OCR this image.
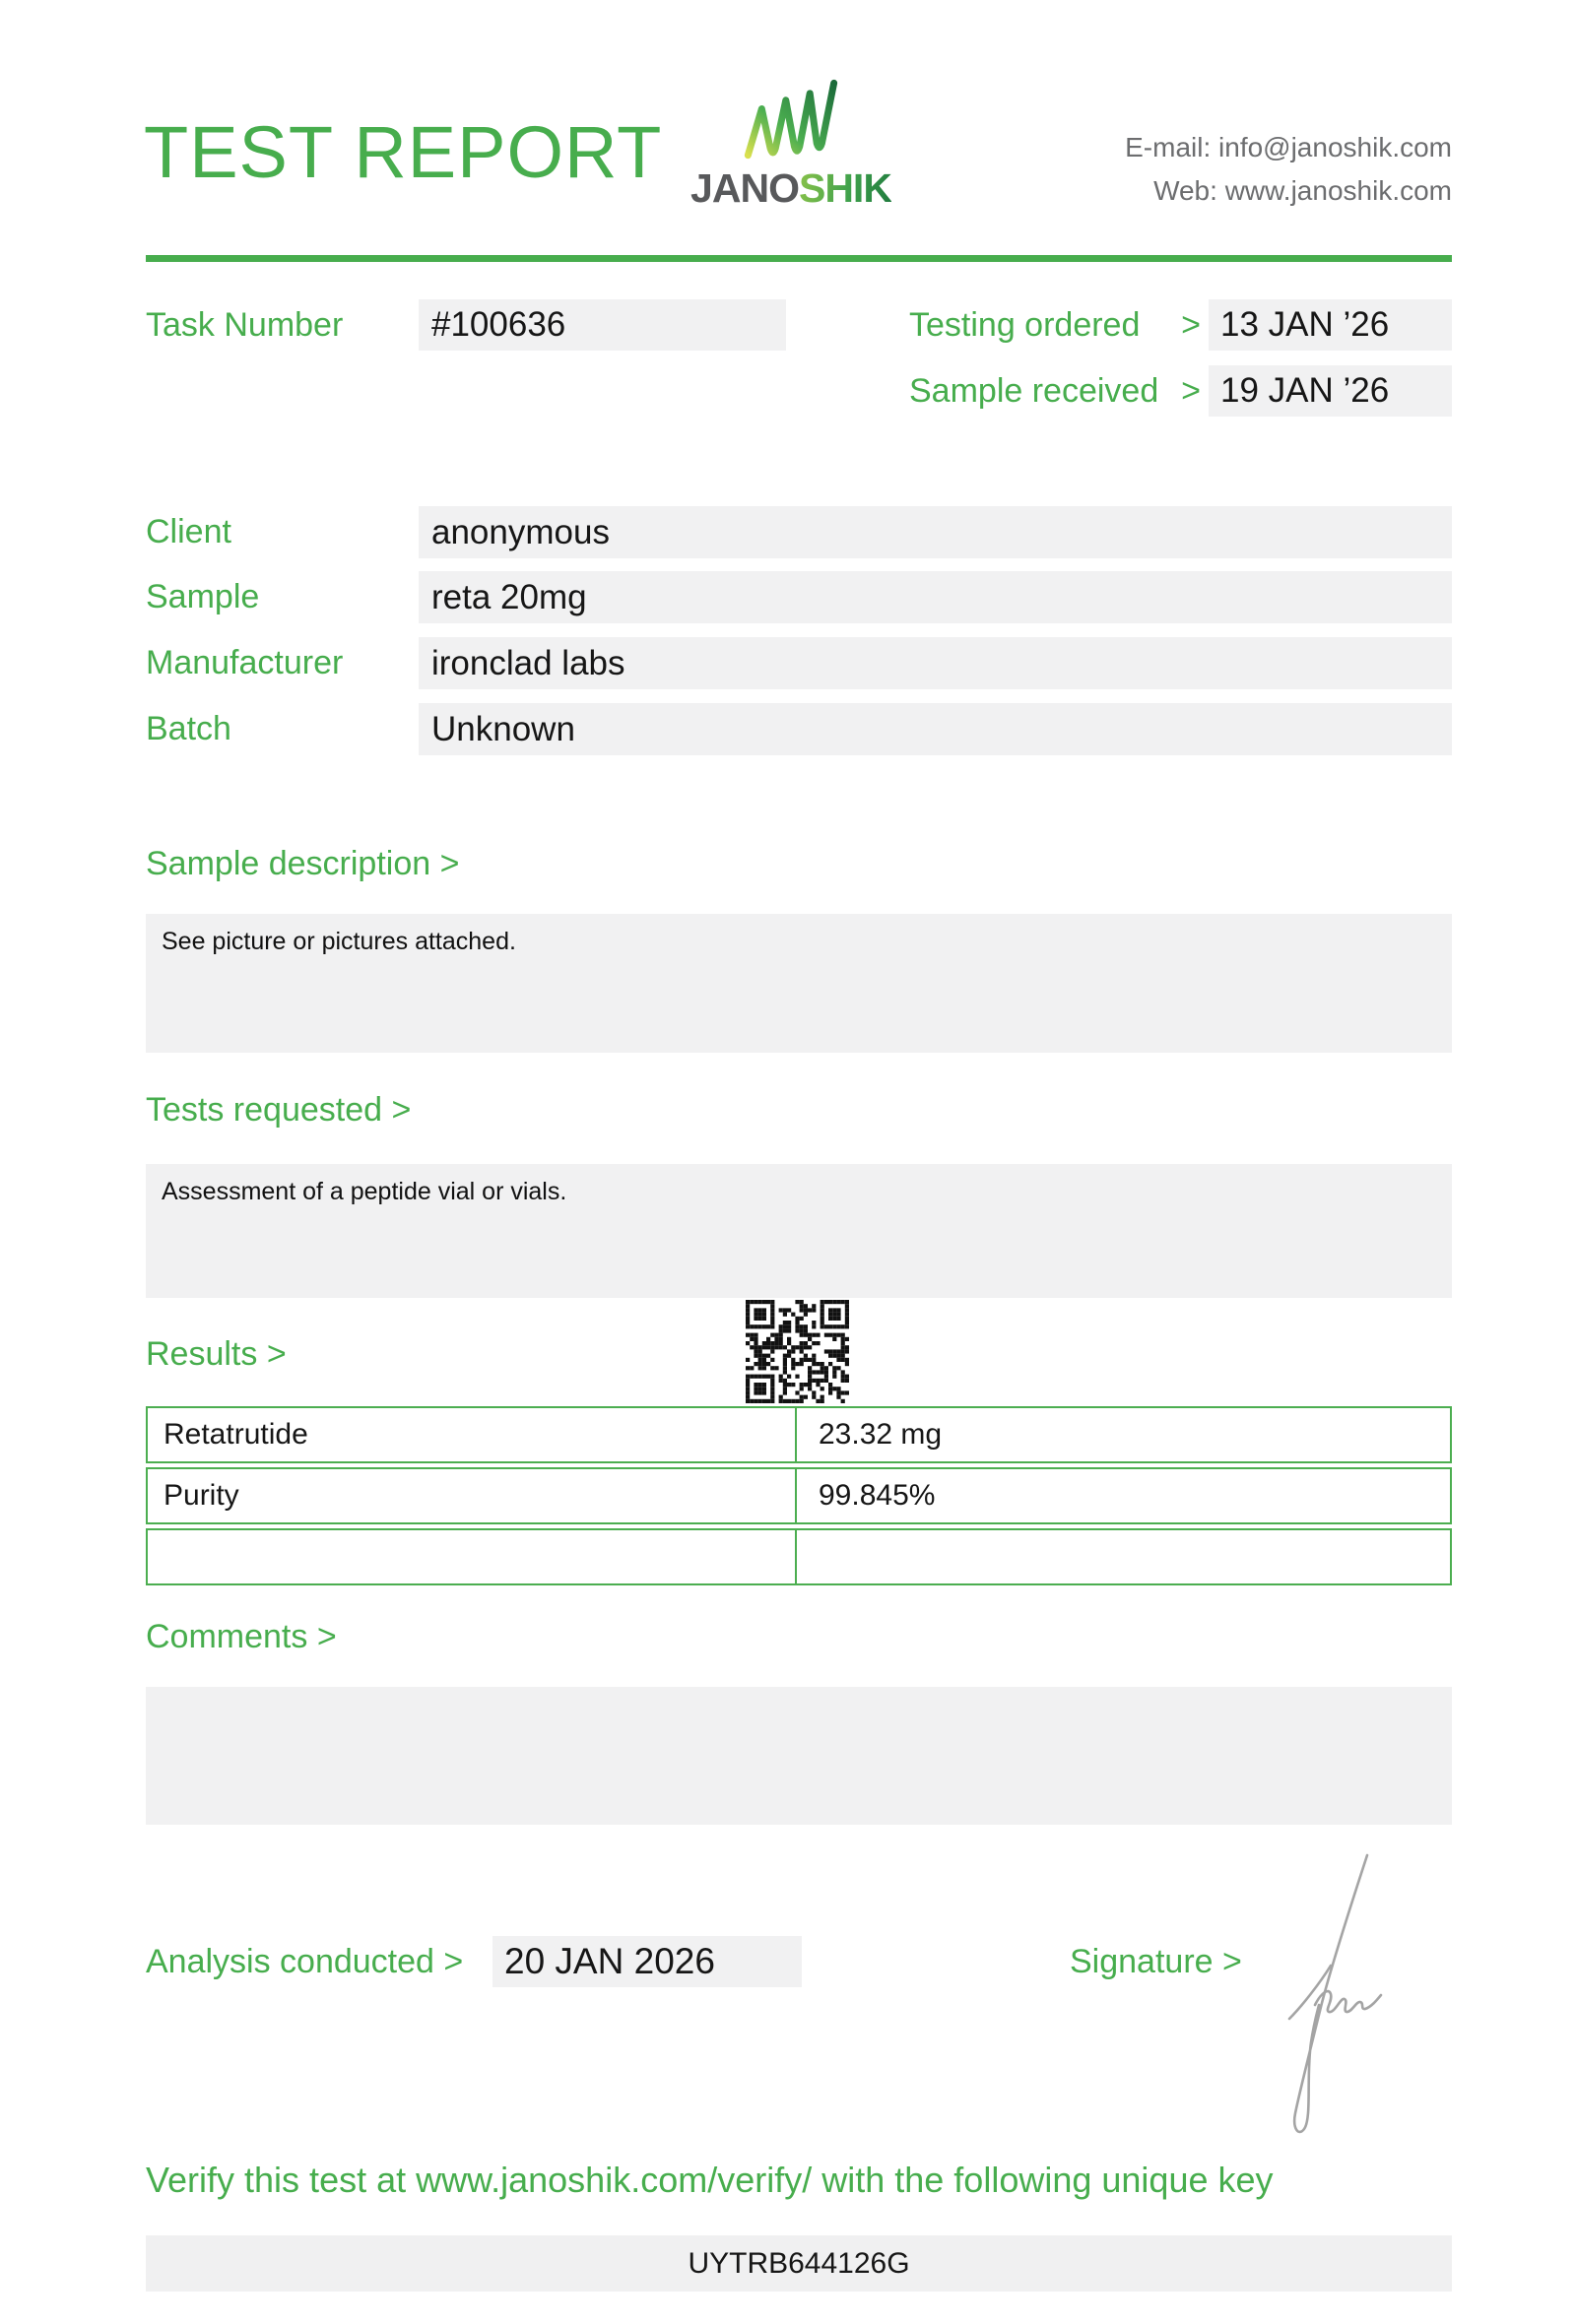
TEST REPORT JANOSHIK
E-mail: info@janoshik.com
Web: www.janoshik.com
Task Number	#100636	Testing ordered > 13 JAN ’26
Sample received > 19 JAN ’26
Client	anonymous
Sample	reta 20mg
Manufacturer	ironclad labs
Batch	Unknown
Sample description >
See picture or pictures attached.
Tests requested >
Assessment of a peptide vial or vials.
Results >
Retatrutide	23.32 mg
Purity	99.845%
Comments >
Analysis conducted >	20 JAN 2026	Signature >
Verify this test at www.janoshik.com/verify/ with the following unique key
UYTRB644126G
